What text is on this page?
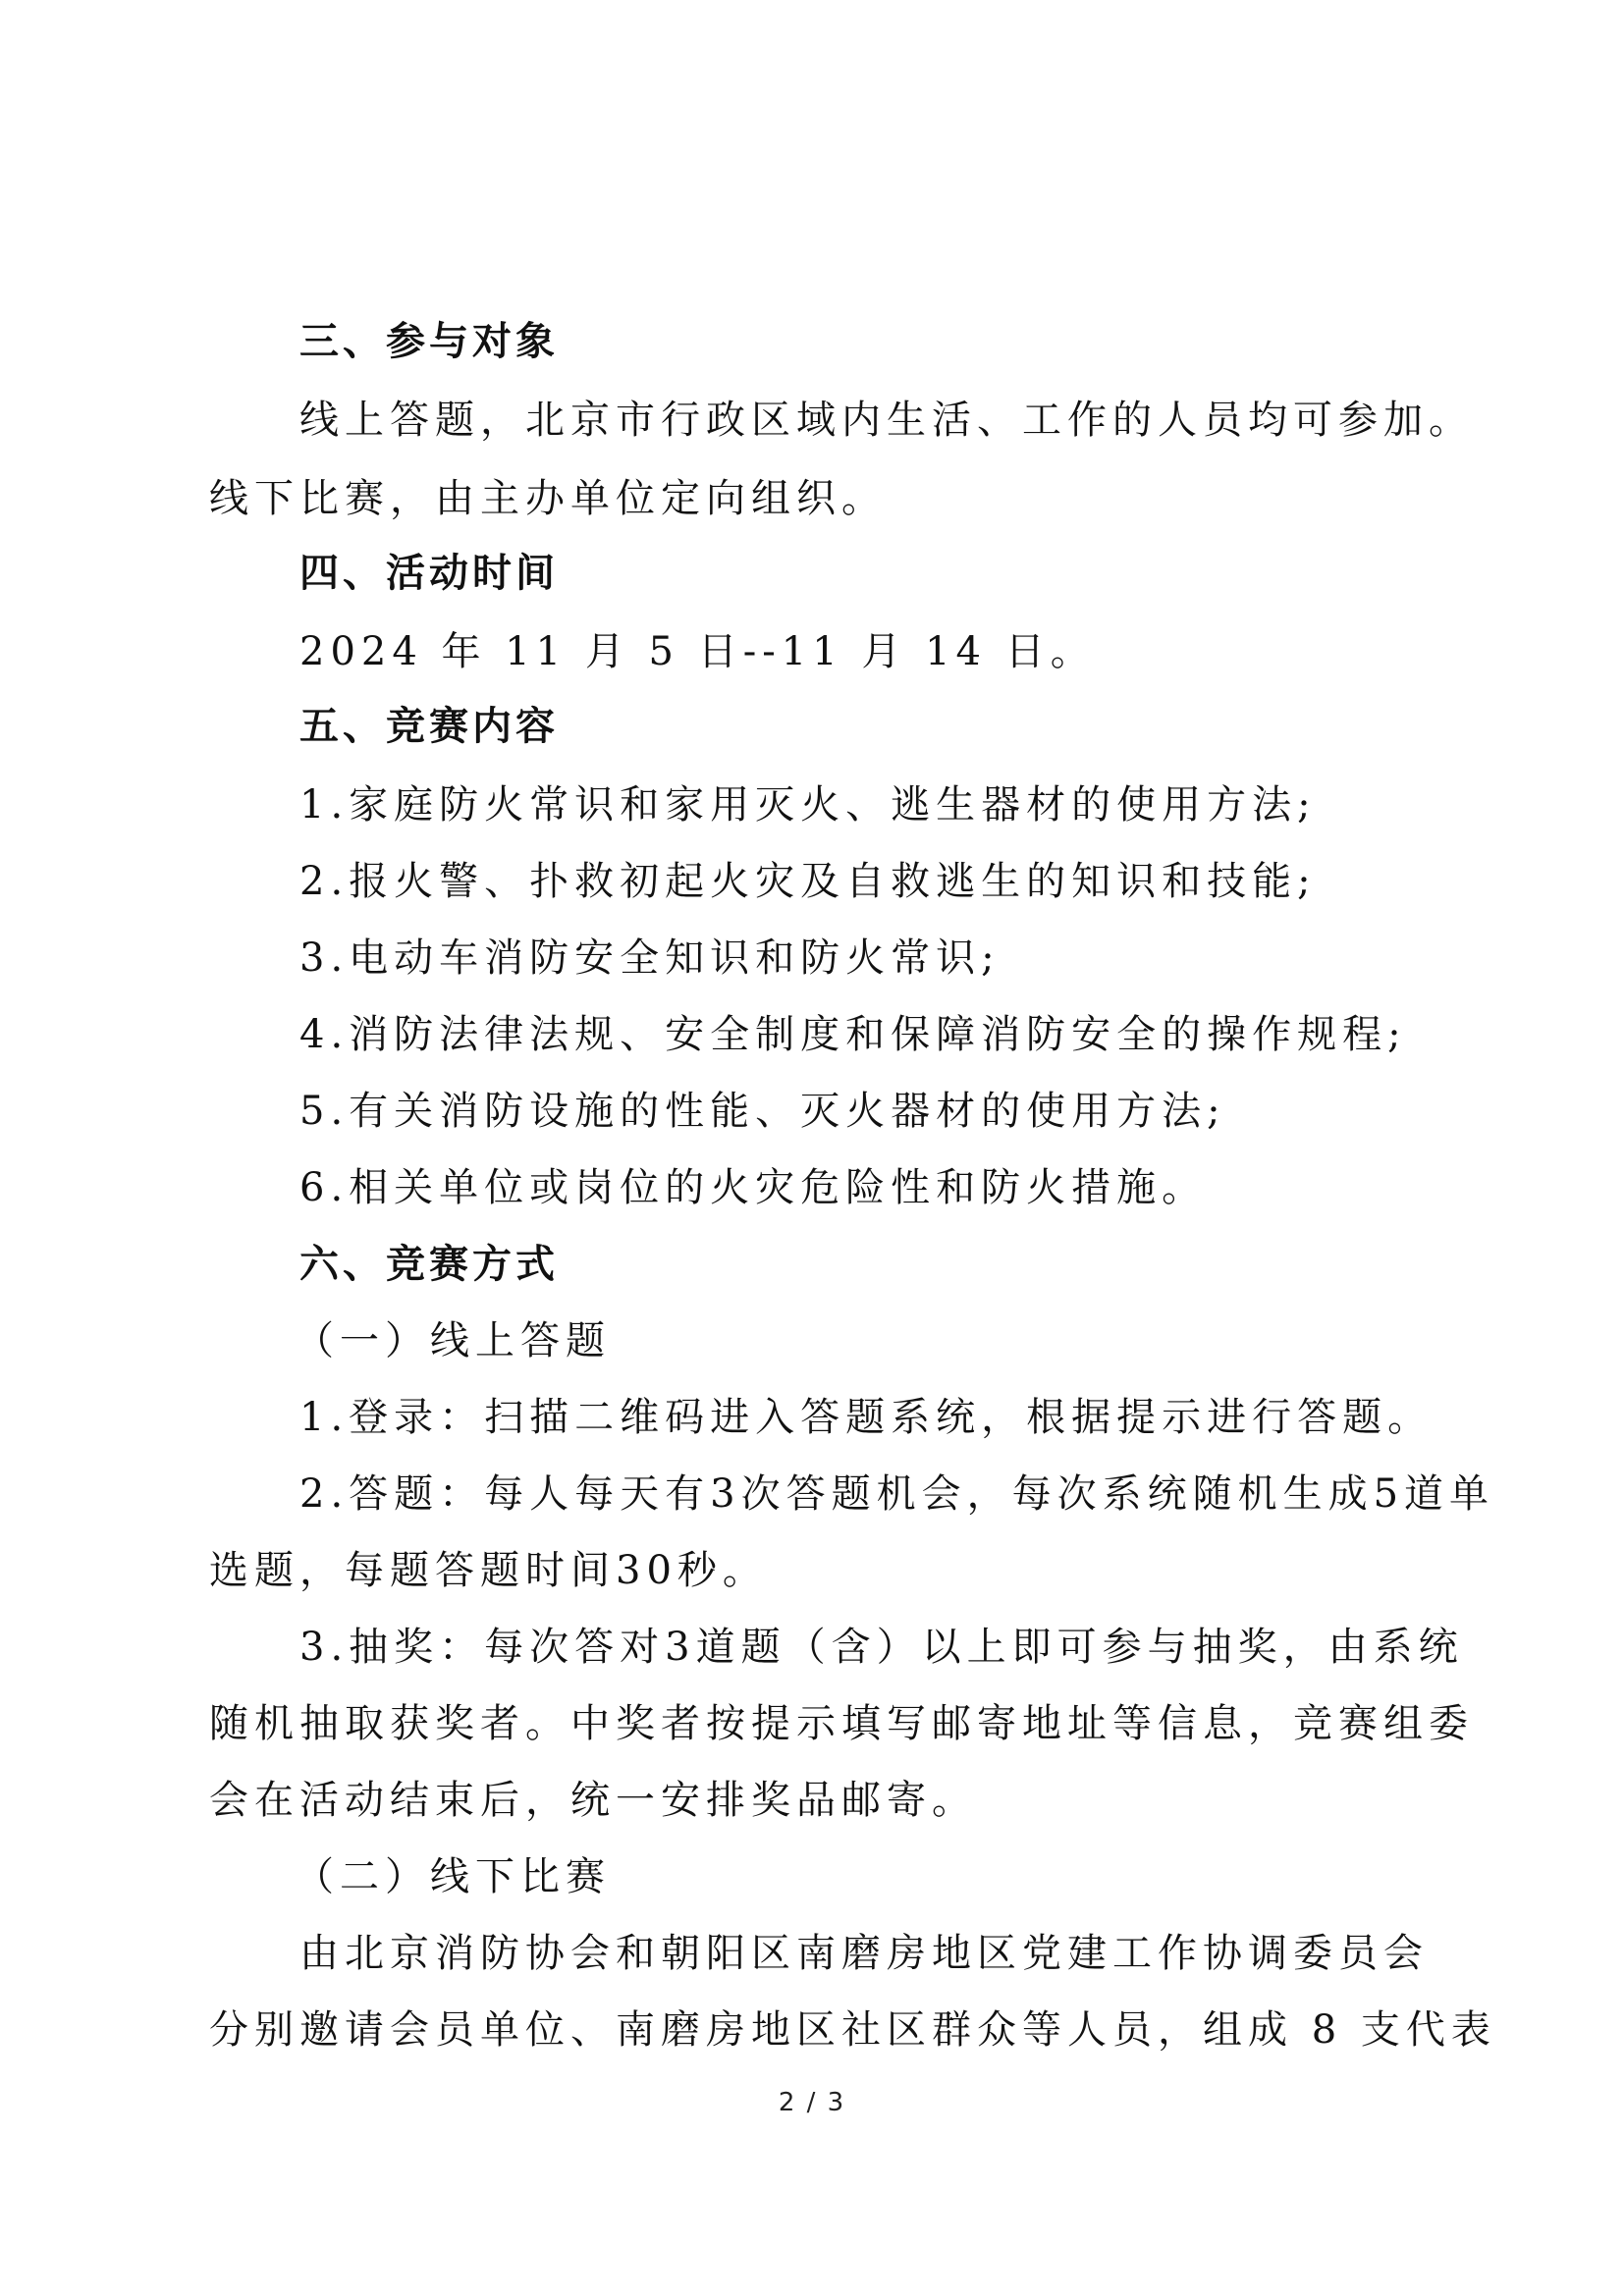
三、参与对象
线上答题，北京市行政区域内生活、工作的人员均可参加。
线下比赛，由主办单位定向组织。
四、活动时间
2024 年 11 月 5 日--11 月 14 日。
五、竞赛内容
1.家庭防火常识和家用灭火、逃生器材的使用方法;
2.报火警、扑救初起火灾及自救逃生的知识和技能;
3.电动车消防安全知识和防火常识;
4.消防法律法规、安全制度和保障消防安全的操作规程;
5.有关消防设施的性能、灭火器材的使用方法;
6.相关单位或岗位的火灾危险性和防火措施。
六、竞赛方式
（一）线上答题
1.登录：扫描二维码进入答题系统，根据提示进行答题。
2.答题：每人每天有3次答题机会，每次系统随机生成5道单
选题，每题答题时间30秒。
3.抽奖：每次答对3道题（含）以上即可参与抽奖，由系统
随机抽取获奖者。中奖者按提示填写邮寄地址等信息，竞赛组委
会在活动结束后，统一安排奖品邮寄。
（二）线下比赛
由北京消防协会和朝阳区南磨房地区党建工作协调委员会
分别邀请会员单位、南磨房地区社区群众等人员，组成 8 支代表
2 / 3
